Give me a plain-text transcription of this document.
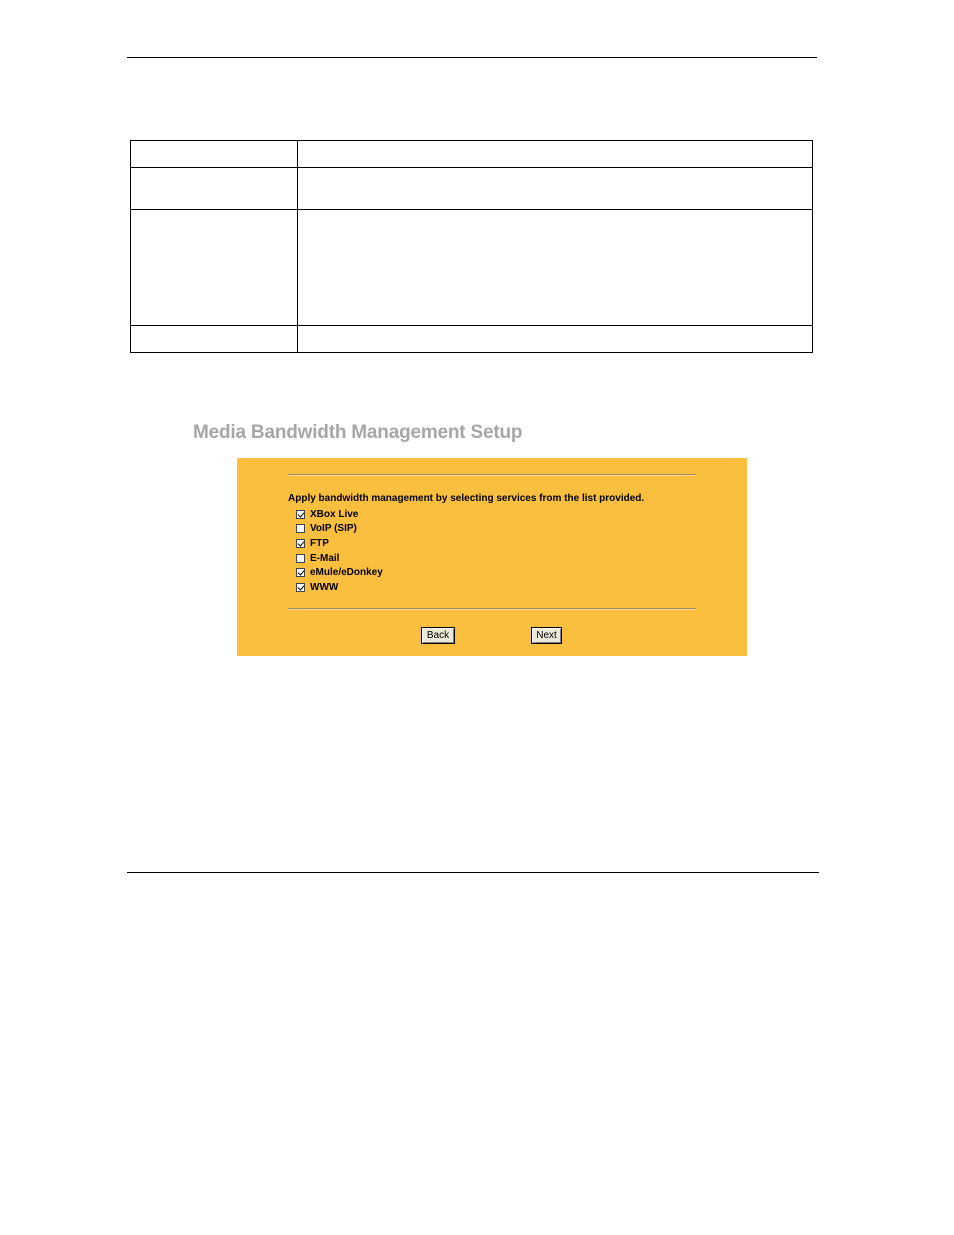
Media Bandwidth Management Setup
Apply bandwidth management by selecting services from the list provided.
XBox Live
VoIP (SIP)
FTP
E-Mail
eMule/eDonkey
WWW
Back	Next
